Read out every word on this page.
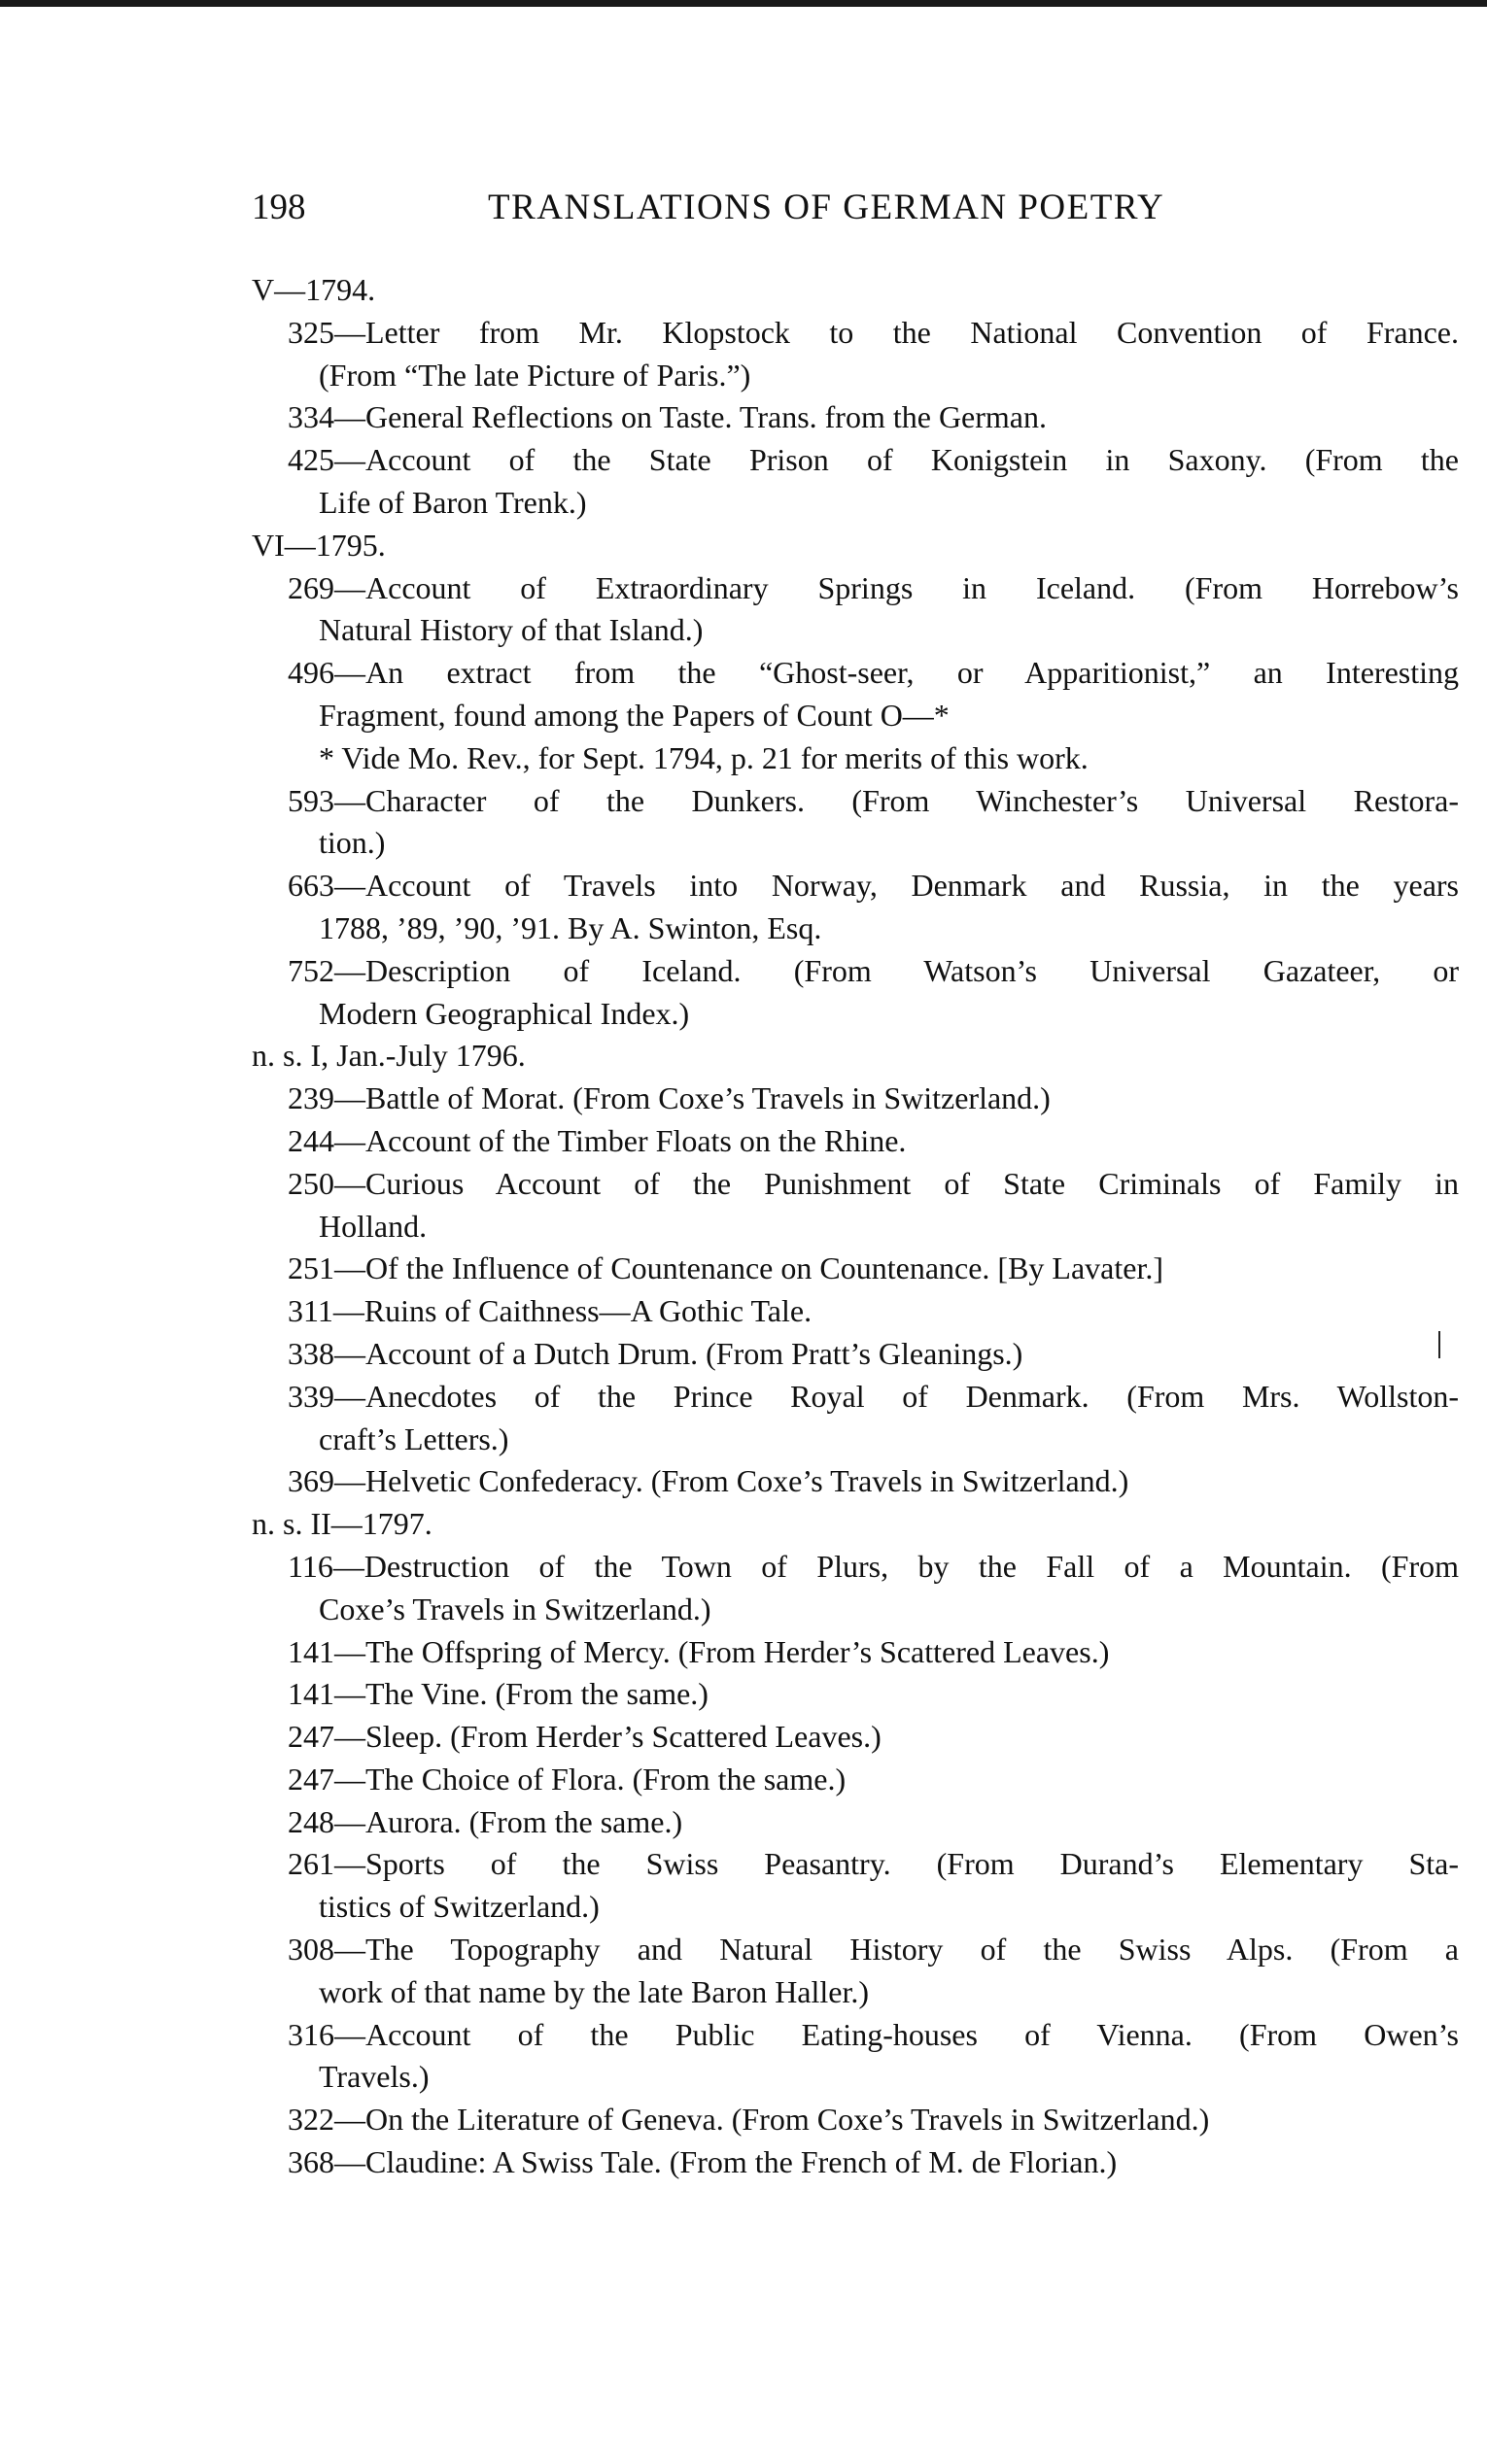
198	TRANSLATIONS OF GERMAN POETRY
V—1794.
325—Letter from Mr. Klopstock to the National Convention of France.
(From “The late Picture of Paris.”)
334—General Reflections on Taste. Trans. from the German.
425—Account of the State Prison of Konigstein in Saxony. (From the
Life of Baron Trenk.)
VI—1795.
269—Account of Extraordinary Springs in Iceland. (From Horrebow’s
Natural History of that Island.)
496—An extract from the “Ghost-seer, or Apparitionist,” an Interesting
Fragment, found among the Papers of Count O—*
* Vide Mo. Rev., for Sept. 1794, p. 21 for merits of this work.
593—Character of the Dunkers. (From Winchester’s Universal Restora-
tion.)
663—Account of Travels into Norway, Denmark and Russia, in the years
1788, ’89, ’90, ’91. By A. Swinton, Esq.
752—Description of Iceland. (From Watson’s Universal Gazateer, or
Modern Geographical Index.)
n. s. I, Jan.-July 1796.
239—Battle of Morat. (From Coxe’s Travels in Switzerland.)
244—Account of the Timber Floats on the Rhine.
250—Curious Account of the Punishment of State Criminals of Family in
Holland.
251—Of the Influence of Countenance on Countenance. [By Lavater.]
311—Ruins of Caithness—A Gothic Tale.
338—Account of a Dutch Drum. (From Pratt’s Gleanings.)
339—Anecdotes of the Prince Royal of Denmark. (From Mrs. Wollston-
craft’s Letters.)
369—Helvetic Confederacy. (From Coxe’s Travels in Switzerland.)
n. s. II—1797.
116—Destruction of the Town of Plurs, by the Fall of a Mountain. (From
Coxe’s Travels in Switzerland.)
141—The Offspring of Mercy. (From Herder’s Scattered Leaves.)
141—The Vine. (From the same.)
247—Sleep. (From Herder’s Scattered Leaves.)
247—The Choice of Flora. (From the same.)
248—Aurora. (From the same.)
261—Sports of the Swiss Peasantry. (From Durand’s Elementary Sta-
tistics of Switzerland.)
308—The Topography and Natural History of the Swiss Alps. (From a
work of that name by the late Baron Haller.)
316—Account of the Public Eating-houses of Vienna. (From Owen’s
Travels.)
322—On the Literature of Geneva. (From Coxe’s Travels in Switzerland.)
368—Claudine: A Swiss Tale. (From the French of M. de Florian.)
